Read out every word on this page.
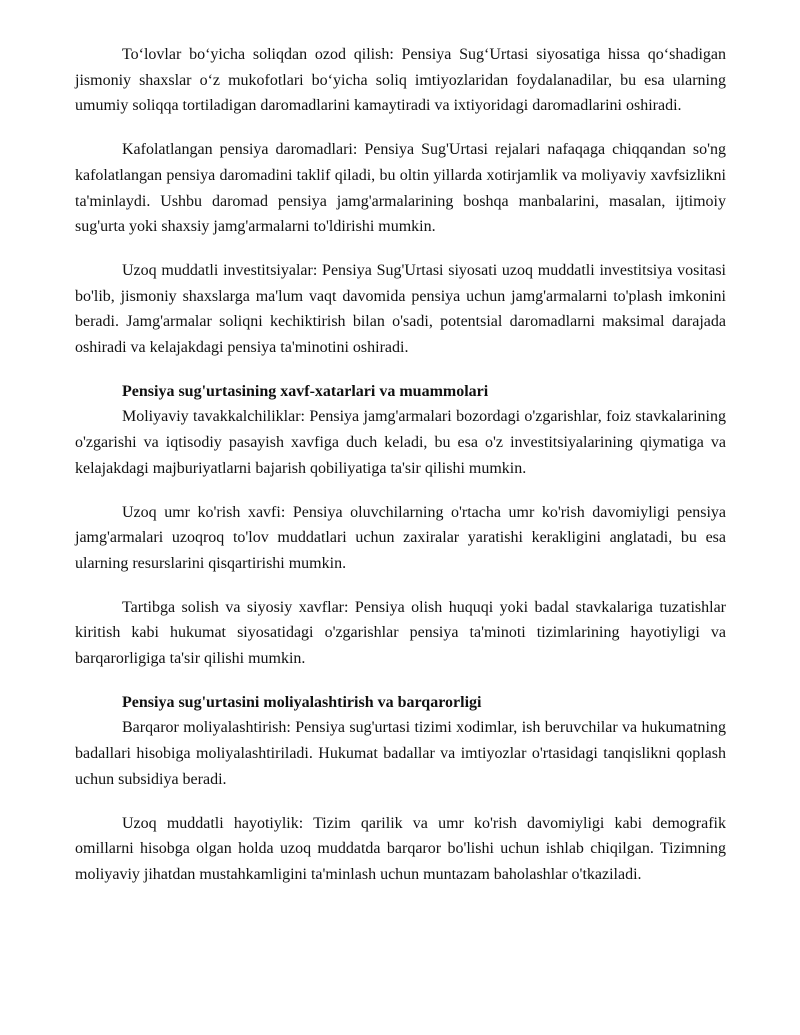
To‘lovlar bo‘yicha soliqdan ozod qilish: Pensiya Sug‘Urtasi siyosatiga hissa qo‘shadigan jismoniy shaxslar o‘z mukofotlari bo‘yicha soliq imtiyozlaridan foydalanadilar, bu esa ularning umumiy soliqqa tortiladigan daromadlarini kamaytiradi va ixtiyoridagi daromadlarini oshiradi.

Kafolatlangan pensiya daromadlari: Pensiya Sug'Urtasi rejalari nafaqaga chiqqandan so'ng kafolatlangan pensiya daromadini taklif qiladi, bu oltin yillarda xotirjamlik va moliyaviy xavfsizlikni ta'minlaydi. Ushbu daromad pensiya jamg'armalarining boshqa manbalarini, masalan, ijtimoiy sug'urta yoki shaxsiy jamg'armalarni to'ldirishi mumkin.

Uzoq muddatli investitsiyalar: Pensiya Sug'Urtasi siyosati uzoq muddatli investitsiya vositasi bo'lib, jismoniy shaxslarga ma'lum vaqt davomida pensiya uchun jamg'armalarni to'plash imkonini beradi. Jamg'armalar soliqni kechiktirish bilan o'sadi, potentsial daromadlarni maksimal darajada oshiradi va kelajakdagi pensiya ta'minotini oshiradi.

Pensiya sug'urtasining xavf-xatarlari va muammolari

Moliyaviy tavakkalchiliklar: Pensiya jamg'armalari bozordagi o'zgarishlar, foiz stavkalarining o'zgarishi va iqtisodiy pasayish xavfiga duch keladi, bu esa o'z investitsiyalarining qiymatiga va kelajakdagi majburiyatlarni bajarish qobiliyatiga ta'sir qilishi mumkin.

Uzoq umr ko'rish xavfi: Pensiya oluvchilarning o'rtacha umr ko'rish davomiyligi pensiya jamg'armalari uzoqroq to'lov muddatlari uchun zaxiralar yaratishi kerakligini anglatadi, bu esa ularning resurslarini qisqartirishi mumkin.

Tartibga solish va siyosiy xavflar: Pensiya olish huquqi yoki badal stavkalariga tuzatishlar kiritish kabi hukumat siyosatidagi o'zgarishlar pensiya ta'minoti tizimlarining hayotiyligi va barqarorligiga ta'sir qilishi mumkin.

Pensiya sug'urtasini moliyalashtirish va barqarorligi

Barqaror moliyalashtirish: Pensiya sug'urtasi tizimi xodimlar, ish beruvchilar va hukumatning badallari hisobiga moliyalashtiriladi. Hukumat badallar va imtiyozlar o'rtasidagi tanqislikni qoplash uchun subsidiya beradi.

Uzoq muddatli hayotiylik: Tizim qarilik va umr ko'rish davomiyligi kabi demografik omillarni hisobga olgan holda uzoq muddatda barqaror bo'lishi uchun ishlab chiqilgan. Tizimning moliyaviy jihatdan mustahkamligini ta'minlash uchun muntazam baholashlar o'tkaziladi.
